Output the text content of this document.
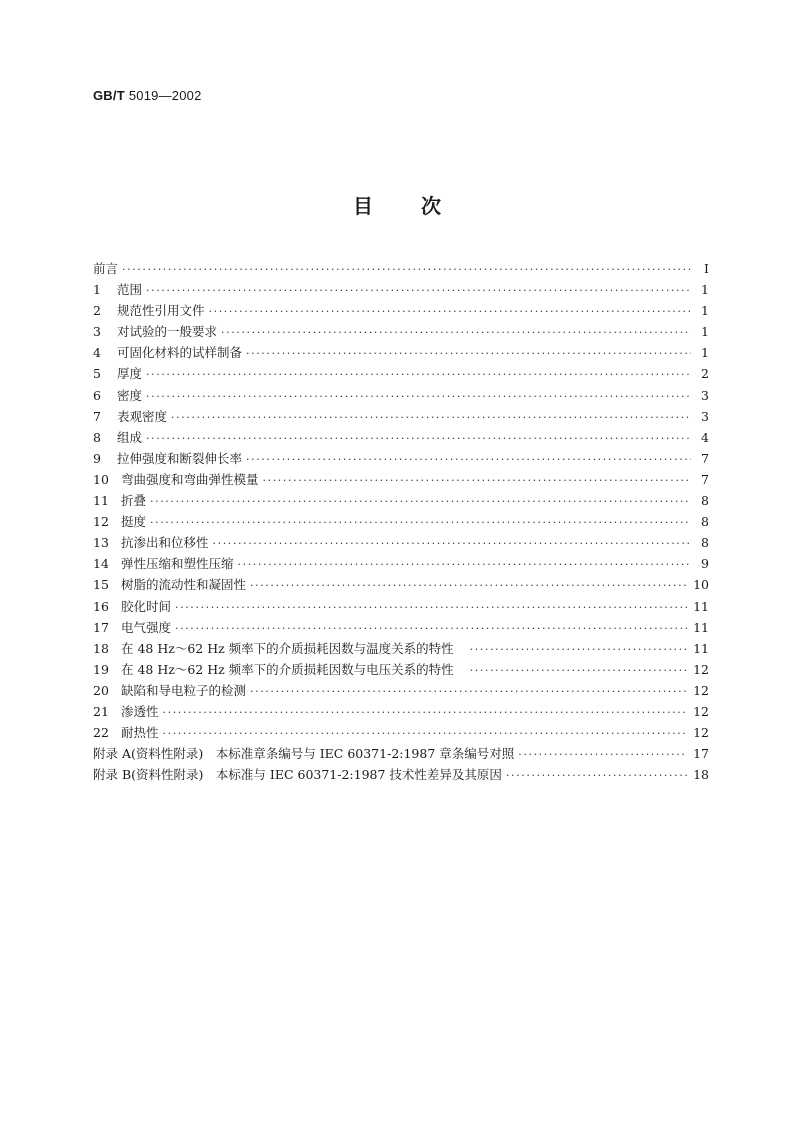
GB/T 5019—2002
目 次
前言 ·····	I
1	范围 ·····	1
2	规范性引用文件 ·····	1
3	对试验的一般要求 ·····	1
4	可固化材料的试样制备 ·····	1
5	厚度 ·····	2
6	密度 ·····	3
7	表观密度 ·····	3
8	组成 ·····	4
9	拉伸强度和断裂伸长率 ·····	7
10 弯曲强度和弯曲弹性模量 ·····	7
11 折叠 ·····	8
12 挺度 ·····	8
13 抗渗出和位移性 ·····	8
14 弹性压缩和塑性压缩 ·····	9
15 树脂的流动性和凝固性 ·····	10
16 胶化时间 ·····	11
17 电气强度 ·····	11
18 在 48 Hz～62 Hz 频率下的介质损耗因数与温度关系的特性 ·····	11
19 在 48 Hz～62 Hz 频率下的介质损耗因数与电压关系的特性 ·····	12
20 缺陷和导电粒子的检测 ·····	12
21 渗透性 ·····	12
22 耐热性 ·····	12
附录 A(资料性附录)　本标准章条编号与 IEC 60371-2:1987 章条编号对照 ·····	17
附录 B(资料性附录)　本标准与 IEC 60371-2:1987 技术性差异及其原因 ·····	18
